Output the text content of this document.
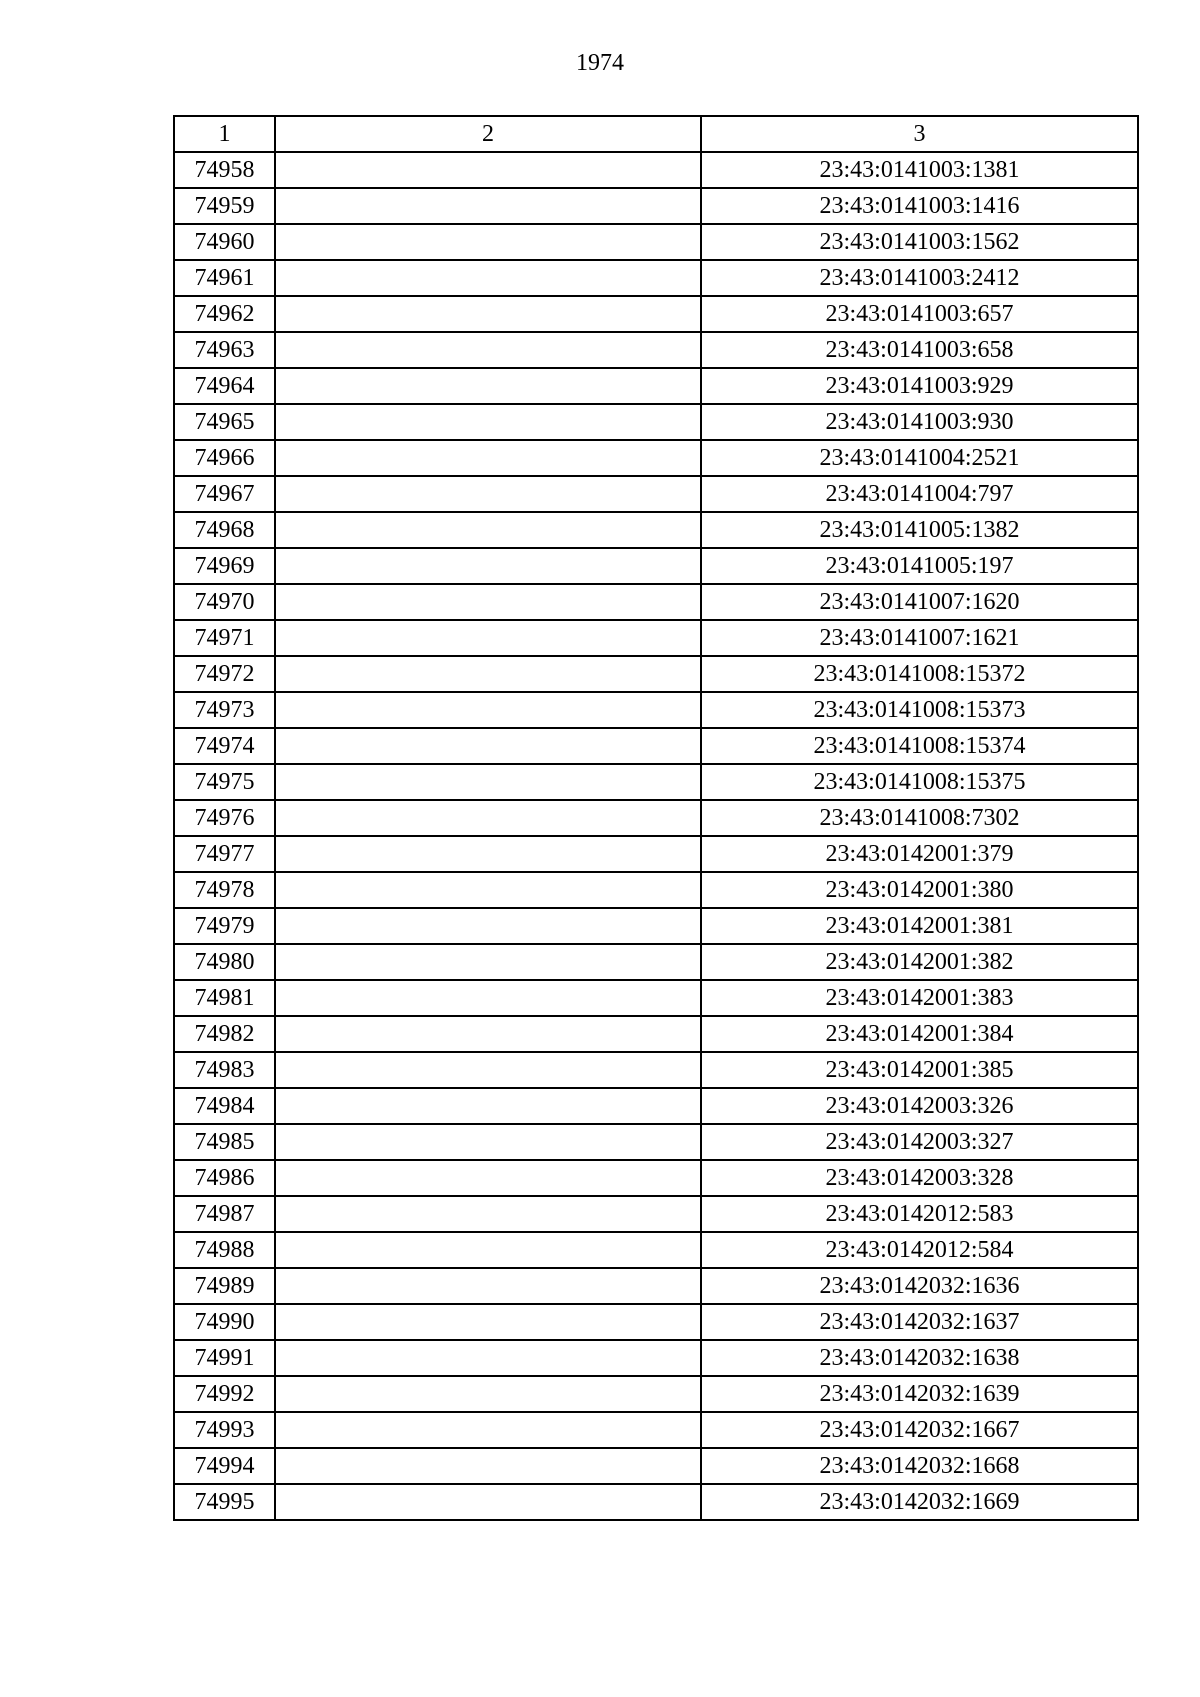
1974
1	2	3
74958		23:43:0141003:1381
74959		23:43:0141003:1416
74960		23:43:0141003:1562
74961		23:43:0141003:2412
74962		23:43:0141003:657
74963		23:43:0141003:658
74964		23:43:0141003:929
74965		23:43:0141003:930
74966		23:43:0141004:2521
74967		23:43:0141004:797
74968		23:43:0141005:1382
74969		23:43:0141005:197
74970		23:43:0141007:1620
74971		23:43:0141007:1621
74972		23:43:0141008:15372
74973		23:43:0141008:15373
74974		23:43:0141008:15374
74975		23:43:0141008:15375
74976		23:43:0141008:7302
74977		23:43:0142001:379
74978		23:43:0142001:380
74979		23:43:0142001:381
74980		23:43:0142001:382
74981		23:43:0142001:383
74982		23:43:0142001:384
74983		23:43:0142001:385
74984		23:43:0142003:326
74985		23:43:0142003:327
74986		23:43:0142003:328
74987		23:43:0142012:583
74988		23:43:0142012:584
74989		23:43:0142032:1636
74990		23:43:0142032:1637
74991		23:43:0142032:1638
74992		23:43:0142032:1639
74993		23:43:0142032:1667
74994		23:43:0142032:1668
74995		23:43:0142032:1669
